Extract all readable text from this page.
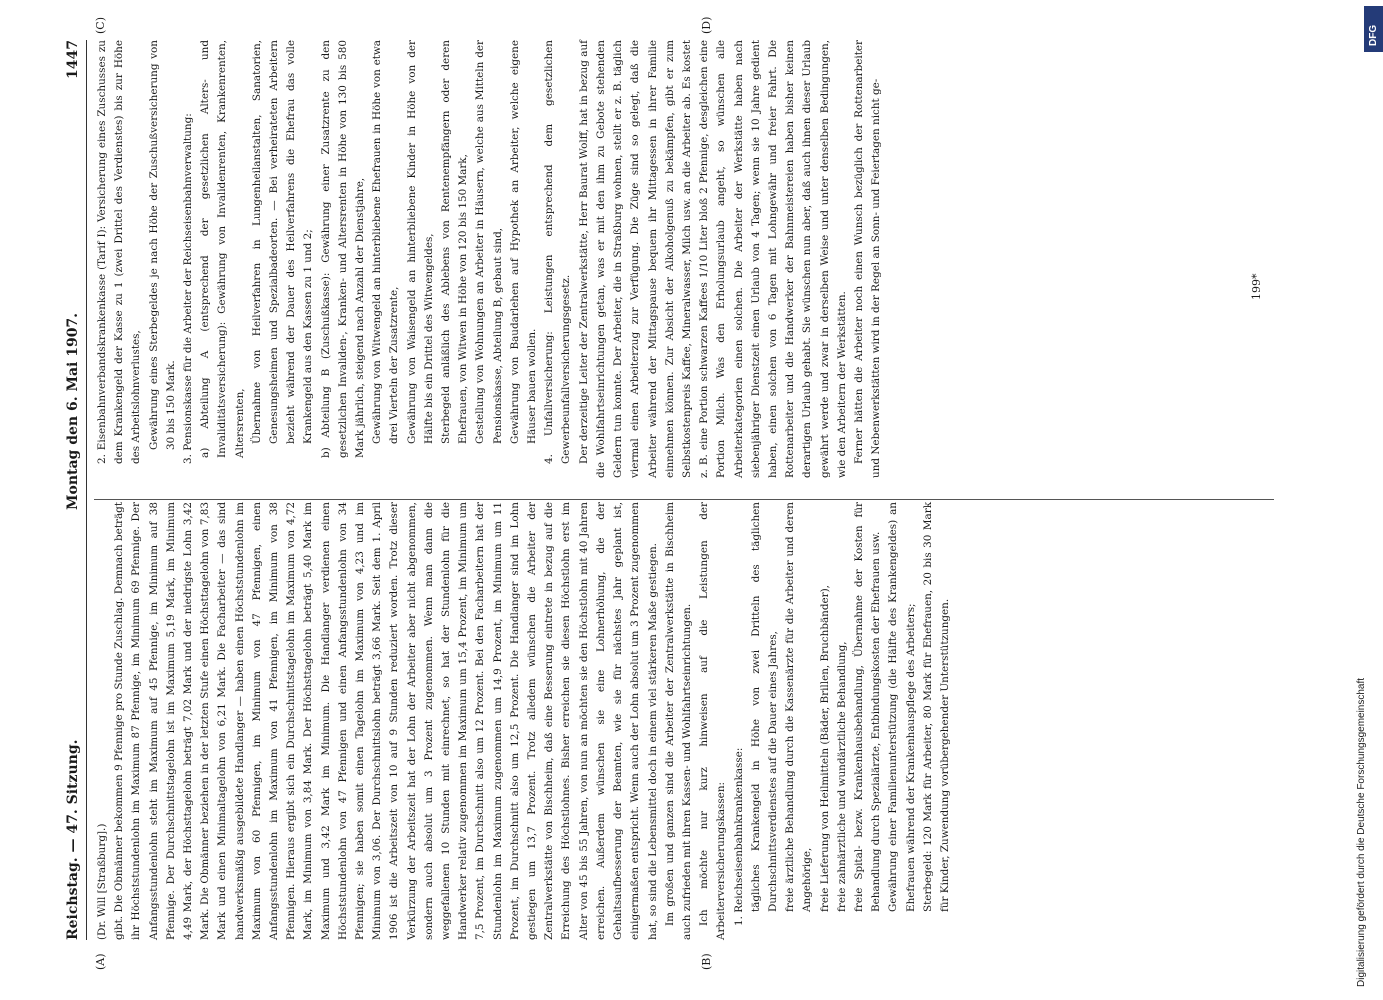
Reichstag. — 47. Sitzung.
Montag den 6. Mai 1907.
1447
(A)	(B)
(C)	(D)

(Dr. Will [Straßburg].) gibt. Die Obmänner bekommen 9 Pfennige pro Stunde Zuschlag. Demnach beträgt ihr Höchststundenlohn im Maximum 87 Pfennige, im Minimum 69 Pfennige. Der Anfangsstundenlohn steht im Maximum auf 45 Pfennige, im Minimum auf 38 Pfennige. Der Durchschnittstagelohn ist im Maximum 5,19 Mark, im Minimum 4,49 Mark, der Höchsttagelohn beträgt 7,02 Mark und der niedrigste Lohn 3,42 Mark. Die Obmänner beziehen in der letzten Stufe einen Höchsttagelohn von 7,83 Mark und einen Minimaltagelohn von 6,21 Mark. Die Facharbeiter — das sind handwerksmäßig ausgebildete Handlanger — haben einen Höchststundenlohn im Maximum von 60 Pfennigen, im Minimum von 47 Pfennigen, einen Anfangsstundenlohn im Maximum von 41 Pfennigen, im Minimum von 38 Pfennigen. Hieraus ergibt sich ein Durchschnittstagelohn im Maximum von 4,72 Mark, im Minimum von 3,84 Mark. Der Höchsttagelohn beträgt 5,40 Mark im Maximum und 3,42 Mark im Minimum. Die Handlanger verdienen einen Höchststundenlohn von 47 Pfennigen und einen Anfangsstundenlohn von 34 Pfennigen; sie haben somit einen Tagelohn im Maximum von 4,23 und im Minimum von 3,06. Der Durchschnittslohn beträgt 3,66 Mark. Seit dem 1. April 1906 ist die Arbeitszeit von 10 auf 9 Stunden reduziert worden. Trotz dieser Verkürzung der Arbeitszeit hat der Lohn der Arbeiter aber nicht abgenommen, sondern auch absolut um 3 Prozent zugenommen. Wenn man dann die weggefallenen 10 Stunden mit einrechnet, so hat der Stundenlohn für die Handwerker relativ zugenommen im Maximum um 15,4 Prozent, im Minimum um 7,5 Prozent, im Durchschnitt also um 12 Prozent. Bei den Facharbeitern hat der Stundenlohn im Maximum zugenommen um 14,9 Prozent, im Minimum um 11 Prozent, im Durchschnitt also um 12,5 Prozent. Die Handlanger sind im Lohn gestiegen um 13,7 Prozent. Trotz alledem wünschen die Arbeiter der Zentralwerkstätte von Bischheim, daß eine Besserung eintrete in bezug auf die Erreichung des Höchstlohnes. Bisher erreichen sie diesen Höchstlohn erst im Alter von 45 bis 55 Jahren, von nun an möchten sie den Höchstlohn mit 40 Jahren erreichen. Außerdem wünschen sie eine Lohnerhöhung, die der Gehaltsaufbesserung der Beamten, wie sie für nächstes Jahr geplant ist, einigermaßen entspricht. Wenn auch der Lohn absolut um 3 Prozent zugenommen hat, so sind die Lebensmittel doch in einem viel stärkeren Maße gestiegen. Im großen und ganzen sind die Arbeiter der Zentralwerkstätte in Bischheim auch zufrieden mit ihren Kassen- und Wohlfahrtseinrichtungen. Ich möchte nur kurz hinweisen auf die Leistungen der Arbeiterversicherungskassen: 1. Reichseisenbahnkrankenkasse: tägliches Krankengeld in Höhe von zwei Dritteln des täglichen Durchschnittsverdienstes auf die Dauer eines Jahres, freie ärztliche Behandlung durch die Kassenärzte für die Arbeiter und deren Angehörige, freie Lieferung von Heilmitteln (Bäder, Brillen, Bruchbänder), freie zahnärztliche und wundärztliche Behandlung, freie Spital- bezw. Krankenhausbehandlung, Übernahme der Kosten für Behandlung durch Spezialärzte, Entbindungskosten der Ehefrauen usw. Gewährung einer Familienunterstützung (die Hälfte des Krankengeldes) an Ehefrauen während der Krankenhauspflege des Arbeiters; Sterbegeld: 120 Mark für Arbeiter, 80 Mark für Ehefrauen, 20 bis 30 Mark für Kinder, Zuwendung vorübergehender Unterstützungen.

2. Eisenbahnverbandskrankenkasse (Tarif I): Versicherung eines Zuschusses zu dem Krankengeld der Kasse zu 1 (zwei Drittel des Verdienstes) bis zur Höhe des Arbeitslohnverlustes, Gewährung eines Sterbegeldes je nach Höhe der Zuschußversicherung von 30 bis 150 Mark. 3. Pensionskasse für die Arbeiter der Reichseisenbahnverwaltung: a) Abteilung A (entsprechend der gesetzlichen Alters- und Invaliditätsversicherung): Gewährung von Invalidenrenten, Krankenrenten, Altersrenten, Übernahme von Heilverfahren in Lungenheilanstalten, Sanatorien, Genesungsheimen und Spezialbadeorten. — Bei verheirateten Arbeitern bezieht während der Dauer des Heilverfahrens die Ehefrau das volle Krankengeld aus den Kassen zu 1 und 2; b) Abteilung B (Zuschußkasse): Gewährung einer Zusatzrente zu den gesetzlichen Invaliden-, Kranken- und Altersrenten in Höhe von 130 bis 580 Mark jährlich, steigend nach Anzahl der Dienstjahre, Gewährung von Witwengeld an hinterbliebene Ehefrauen in Höhe von etwa drei Vierteln der Zusatzrente, Gewährung von Waisengeld an hinterbliebene Kinder in Höhe von der Hälfte bis ein Drittel des Witwengeldes, Sterbegeld anläßlich des Ablebens von Rentenempfängern oder deren Ehefrauen, von Witwen in Höhe von 120 bis 150 Mark, Gestellung von Wohnungen an Arbeiter in Häusern, welche aus Mitteln der Pensionskasse, Abteilung B, gebaut sind, Gewährung von Baudarlehen auf Hypothek an Arbeiter, welche eigene Häuser bauen wollen. 4. Unfallversicherung: Leistungen entsprechend dem gesetzlichen Gewerbeunfallversicherungsgesetz. Der derzeitige Leiter der Zentralwerkstätte, Herr Baurat Wolff, hat in bezug auf die Wohlfahrtseinrichtungen getan, was er mit den ihm zu Gebote stehenden Geldern tun konnte. Der Arbeiter, die in Straßburg wohnen, stellt er z. B. täglich viermal einen Arbeiterzug zur Verfügung. Die Züge sind so gelegt, daß die Arbeiter während der Mittagspause bequem ihr Mittagessen in ihrer Familie einnehmen können. Zur Absicht der Alkoholgenuß zu bekämpfen, gibt er zum Selbstkostenpreis Kaffee, Mineralwasser, Milch usw. an die Arbeiter ab. Es kostet z. B. eine Portion schwarzen Kaffees 1/10 Liter bloß 2 Pfennige, desgleichen eine Portion Milch. Was den Erholungsurlaub angeht, so wünschen alle Arbeiterkategorien einen solchen. Die Arbeiter der Werkstätte haben nach siebenjähriger Dienstzeit einen Urlaub von 4 Tagen; wenn sie 10 Jahre gedient haben, einen solchen von 6 Tagen mit Lohngewähr und freier Fahrt. Die Rottenarbeiter und die Handwerker der Bahnmeistereien haben bisher keinen derartigen Urlaub gehabt. Sie wünschen nun aber, daß auch ihnen dieser Urlaub gewährt werde und zwar in derselben Weise und unter denselben Bedingungen, wie den Arbeitern der Werkstätten. Ferner hätten die Arbeiter noch einen Wunsch bezüglich der Rottenarbeiter und Nebenwerkstätten wird in der Regel an Sonn- und Feiertagen nicht ge-	199*
Digitalisierung gefördert durch die Deutsche Forschungsgemeinschaft
DFG
